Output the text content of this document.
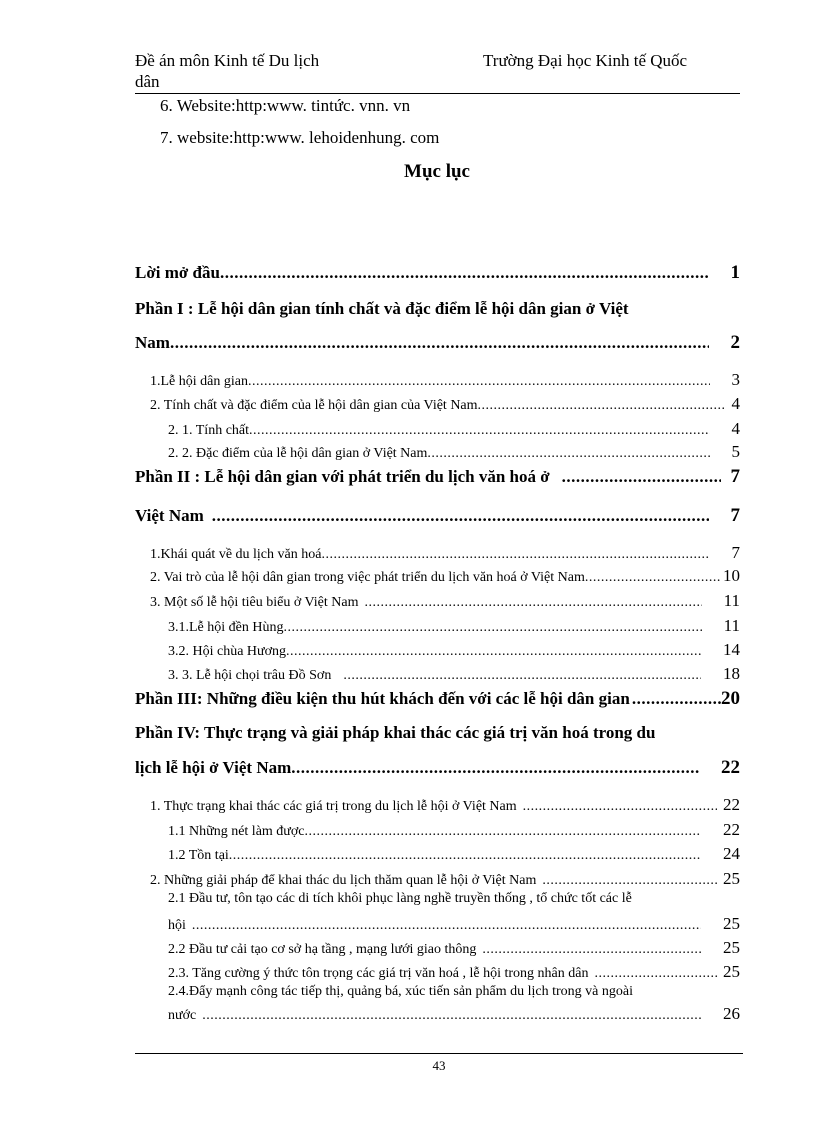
Đề án môn Kinh tế Du lịch
dân
Trường Đại học Kinh tế Quốc
6. Website:http:www. tintức. vnn. vn
7. website:http:www. lehoidenhung. com
Mục lục
Lời mở đầu .....	1
Phần I : Lễ hội dân gian tính chất và đặc điểm lễ hội dân gian ở Việt
Nam .....	2
1.Lễ hội dân gian .....	3
2. Tính chất và đặc điểm của lễ hội dân gian của Việt Nam .....	4
2. 1. Tính chất .....	4
2. 2. Đặc điểm của lễ hội dân gian ở Việt Nam .....	5
Phần II : Lễ hội dân gian với phát triển du lịch văn hoá ở .....	7
Việt Nam .....	7
1.Khái quát về du lịch văn hoá .....	7
2. Vai trò của lễ hội dân gian trong việc phát triển du lịch văn hoá ở Việt Nam .....	10
3. Một số lễ hội tiêu biểu ở Việt Nam .....	11
3.1.Lễ hội đền Hùng .....	11
3.2. Hội chùa Hương .....	14
3. 3. Lễ hội chọi trâu Đồ Sơn .....	18
Phần III: Những điều kiện thu hút khách đến với các lễ hội dân gian .....	20
Phần IV: Thực trạng và giải pháp khai thác các giá trị văn hoá trong du
lịch lễ hội ở Việt Nam .....	22
1. Thực trạng khai thác các giá trị trong du lịch lễ hội ở Việt Nam .....	22
1.1 Những nét làm được .....	22
1.2 Tồn tại .....	24
2. Những giải pháp để khai thác du lịch thăm quan lễ hội ở Việt Nam .....	25
2.1 Đầu tư, tôn tạo các di tích khôi phục làng nghề truyền thống , tổ chức tốt các lễ
hội .....	25
2.2 Đầu tư cải tạo cơ sở hạ tầng , mạng lưới giao thông .....	25
2.3. Tăng cường ý thức tôn trọng các giá trị văn hoá , lễ hội trong nhân dân .....	25
2.4.Đẩy mạnh công tác tiếp thị, quảng bá, xúc tiến sản phẩm du lịch trong và ngoài
nước .....	26
43
